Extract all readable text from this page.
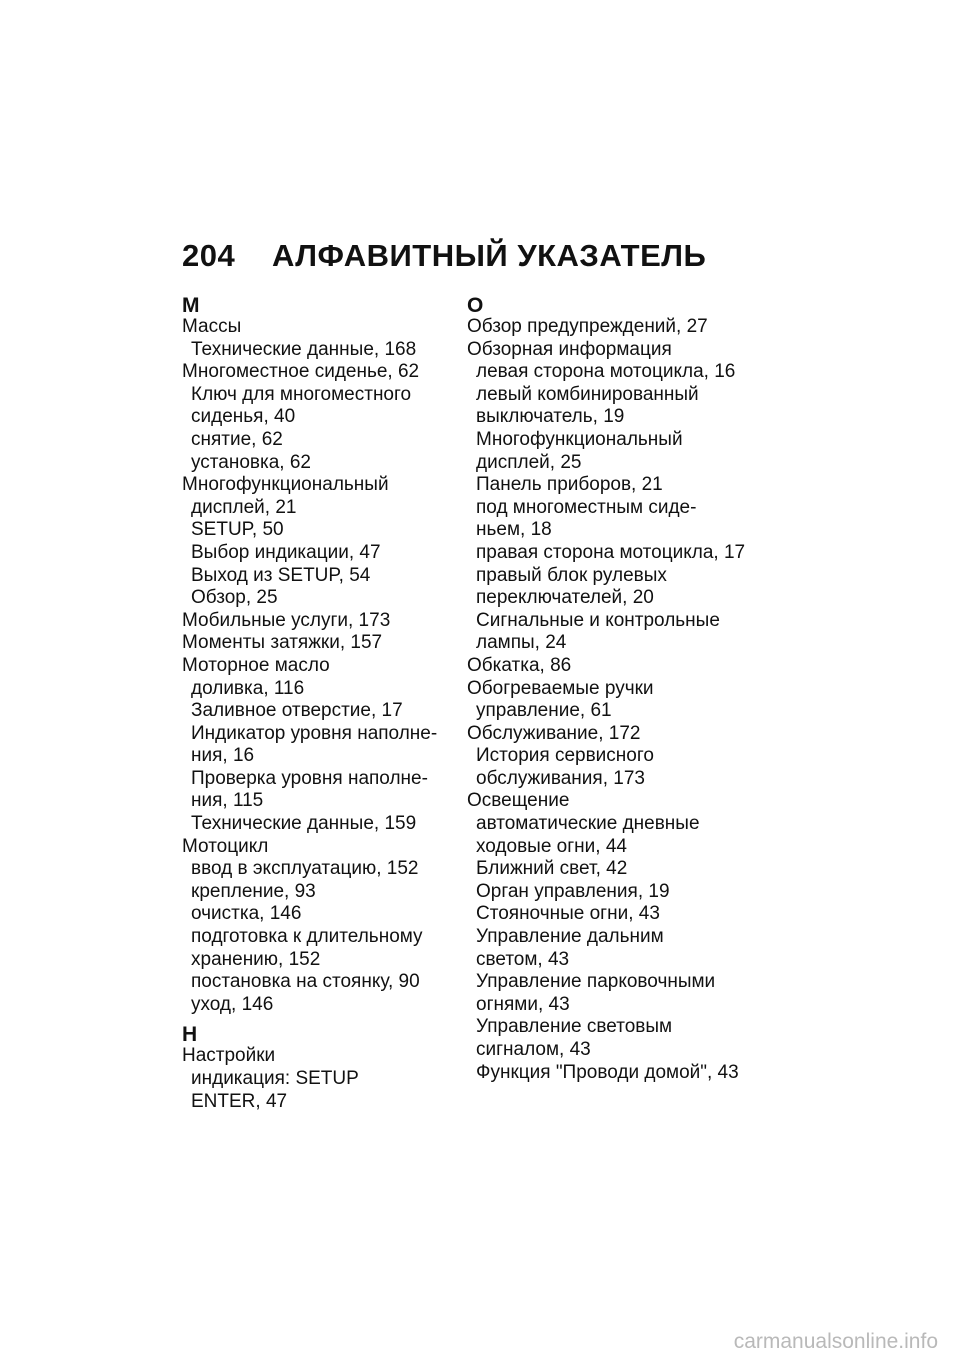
204 АЛФАВИТНЫЙ УКАЗАТЕЛЬ
М
Массы
Технические данные, 168
Многоместное сиденье, 62
Ключ для многоместного
сиденья, 40
снятие, 62
установка, 62
Многофункциональный
дисплей, 21
SETUP, 50
Выбор индикации, 47
Выход из SETUP, 54
Обзор, 25
Мобильные услуги, 173
Моменты затяжки, 157
Моторное масло
доливка, 116
Заливное отверстие, 17
Индикатор уровня наполне-
ния, 16
Проверка уровня наполне-
ния, 115
Технические данные, 159
Мотоцикл
ввод в эксплуатацию, 152
крепление, 93
очистка, 146
подготовка к длительному
хранению, 152
постановка на стоянку, 90
уход, 146
Н
Настройки
индикация: SETUP
ENTER, 47
О
Обзор предупреждений, 27
Обзорная информация
левая сторона мотоцикла, 16
левый комбинированный
выключатель, 19
Многофункциональный
дисплей, 25
Панель приборов, 21
под многоместным сиде-
ньем, 18
правая сторона мотоцикла, 17
правый блок рулевых
переключателей, 20
Сигнальные и контрольные
лампы, 24
Обкатка, 86
Обогреваемые ручки
управление, 61
Обслуживание, 172
История сервисного
обслуживания, 173
Освещение
автоматические дневные
ходовые огни, 44
Ближний свет, 42
Орган управления, 19
Стояночные огни, 43
Управление дальним
светом, 43
Управление парковочными
огнями, 43
Управление световым
сигналом, 43
Функция "Проводи домой", 43
carmanualsonline.info
